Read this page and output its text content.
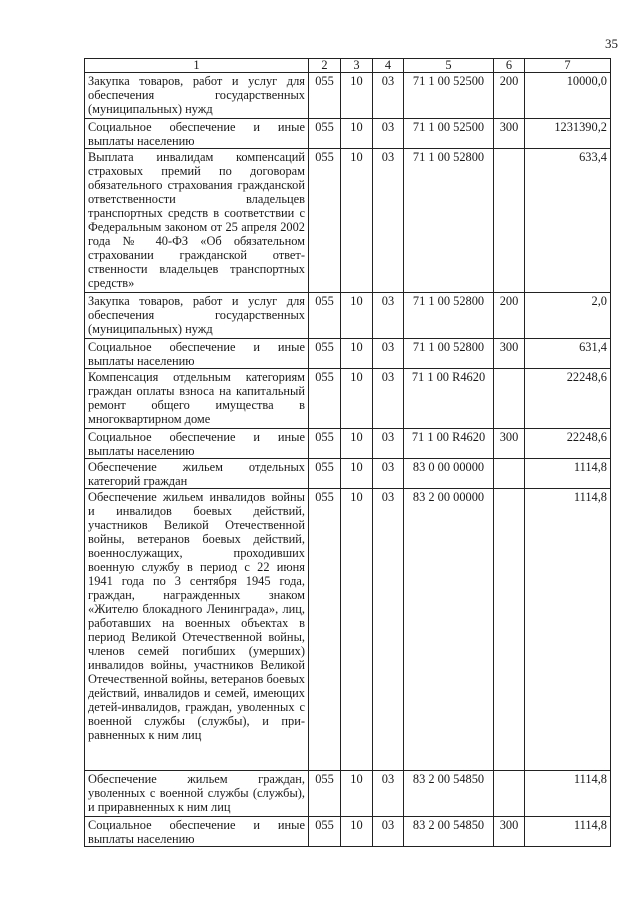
35
1	2	3	4	5	6	7
Закупка товаров, работ и услуг для обеспечения государственных (муниципальных) нужд	055	10	03	71 1 00 52500	200	10000,0
Социальное обеспечение и иные выплаты населению	055	10	03	71 1 00 52500	300	1231390,2
Выплата инвалидам компенсаций страховых премий по договорам обязательного страхования гражданской ответственности владельцев транспортных средств в соответствии с Федеральным законом от 25 апреля 2002 года № 40-ФЗ «Об обязательном страховании гражданской ответственности владельцев транспортных средств»	055	10	03	71 1 00 52800		633,4
Закупка товаров, работ и услуг для обеспечения государственных (муниципальных) нужд	055	10	03	71 1 00 52800	200	2,0
Социальное обеспечение и иные выплаты населению	055	10	03	71 1 00 52800	300	631,4
Компенсация отдельным категориям граждан оплаты взноса на капитальный ремонт общего имущества в многоквартирном доме	055	10	03	71 1 00 R4620		22248,6
Социальное обеспечение и иные выплаты населению	055	10	03	71 1 00 R4620	300	22248,6
Обеспечение жильем отдельных категорий граждан	055	10	03	83 0 00 00000		1114,8
Обеспечение жильем инвалидов войны и инвалидов боевых действий, участников Великой Отечественной войны, ветеранов боевых действий, военнослужащих, проходивших военную службу в период с 22 июня 1941 года по 3 сентября 1945 года, граждан, награжденных знаком «Жителю блокадного Ленинграда», лиц, работавших на военных объектах в период Великой Отечественной войны, членов семей погибших (умерших) инвалидов войны, участников Великой Отечественной войны, ветеранов боевых действий, инвалидов и семей, имеющих детей-инвалидов, граждан, уволенных с военной службы (службы), и приравненных к ним лиц	055	10	03	83 2 00 00000		1114,8
Обеспечение жильем граждан, уволенных с военной службы (службы), и приравненных к ним лиц	055	10	03	83 2 00 54850		1114,8
Социальное обеспечение и иные выплаты населению	055	10	03	83 2 00 54850	300	1114,8
